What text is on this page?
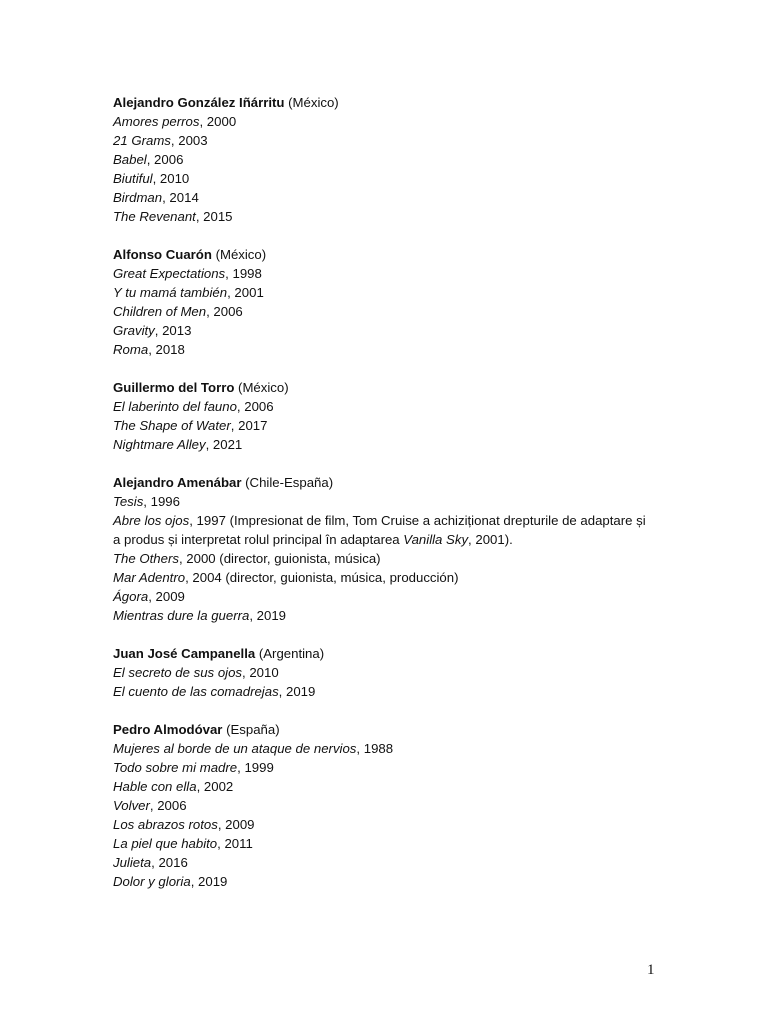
Alejandro González Iñárritu (México)
Amores perros, 2000
21 Grams, 2003
Babel, 2006
Biutiful, 2010
Birdman, 2014
The Revenant, 2015
Alfonso Cuarón (México)
Great Expectations, 1998
Y tu mamá también, 2001
Children of Men, 2006
Gravity, 2013
Roma, 2018
Guillermo del Torro (México)
El laberinto del fauno, 2006
The Shape of Water, 2017
Nightmare Alley, 2021
Alejandro Amenábar (Chile-España)
Tesis, 1996
Abre los ojos, 1997 (Impresionat de film, Tom Cruise a achiziționat drepturile de adaptare și a produs și interpretat rolul principal în adaptarea Vanilla Sky, 2001).
The Others, 2000 (director, guionista, música)
Mar Adentro, 2004 (director, guionista, música, producción)
Ágora, 2009
Mientras dure la guerra, 2019
Juan José Campanella (Argentina)
El secreto de sus ojos, 2010
El cuento de las comadrejas, 2019
Pedro Almodóvar (España)
Mujeres al borde de un ataque de nervios, 1988
Todo sobre mi madre, 1999
Hable con ella, 2002
Volver, 2006
Los abrazos rotos, 2009
La piel que habito, 2011
Julieta, 2016
Dolor y gloria, 2019
1
